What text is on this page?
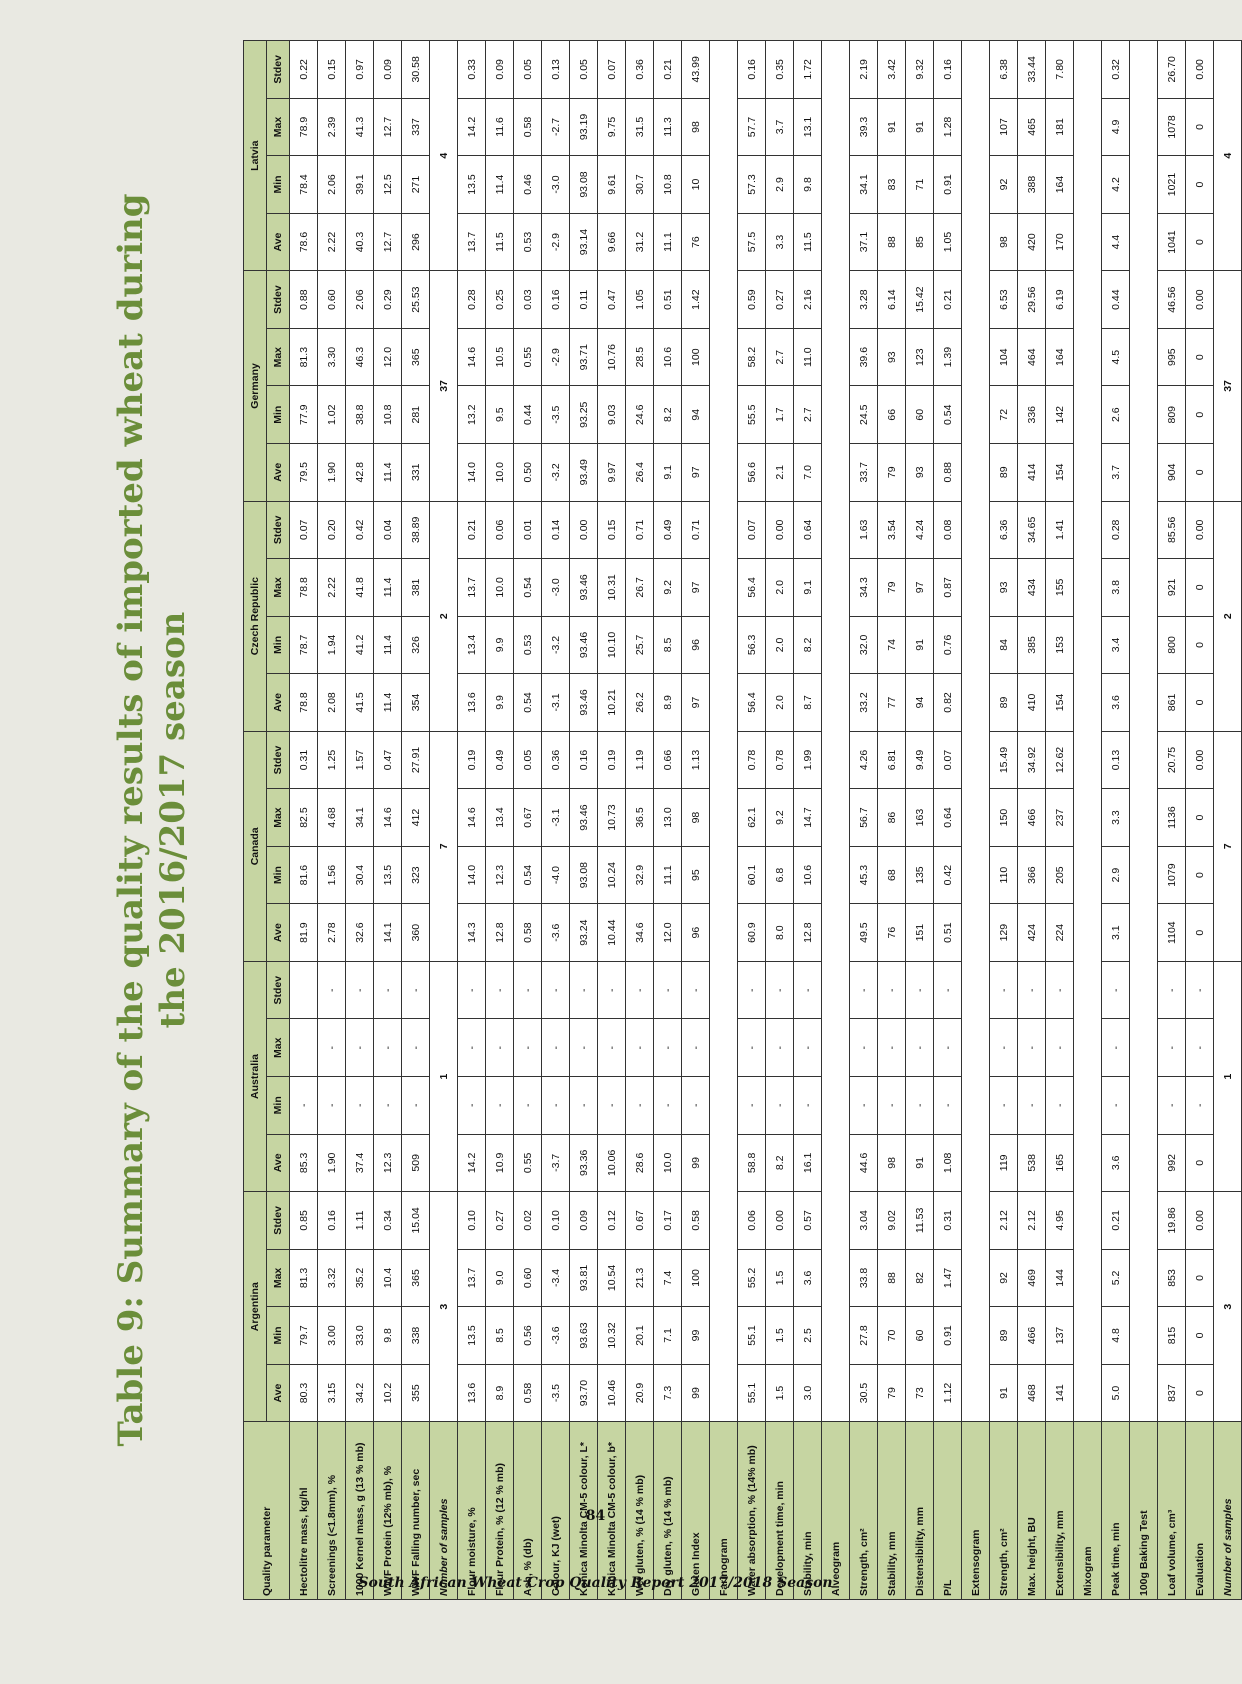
Table 9: Summary of the quality results of imported wheat during the 2016/2017 season
Quality parameter	Argentina				Australia				Canada				Czech Republic				Germany				Latvia			
	Ave	Min	Max	Stdev	Ave	Min	Max	Stdev	Ave	Min	Max	Stdev	Ave	Min	Max	Stdev	Ave	Min	Max	Stdev	Ave	Min	Max	Stdev
Hectolitre mass, kg/hl	80.3	79.7	81.3	0.85	85.3	-			81.9	81.6	82.5	0.31	78.8	78.7	78.8	0.07	79.5	77.9	81.3	0.88	78.6	78.4	78.9	0.22
Screenings (<1.8mm), %	3.15	3.00	3.32	0.16	1.90	-	-	-	2.78	1.56	4.68	1.25	2.08	1.94	2.22	0.20	1.90	1.02	3.30	0.60	2.22	2.06	2.39	0.15
1000 Kernel mass, g (13 % mb)	34.2	33.0	35.2	1.11	37.4	-	-	-	32.6	30.4	34.1	1.57	41.5	41.2	41.8	0.42	42.8	38.8	46.3	2.06	40.3	39.1	41.3	0.97
WWF Protein (12% mb), %	10.2	9.8	10.4	0.34	12.3	-	-	-	14.1	13.5	14.6	0.47	11.4	11.4	11.4	0.04	11.4	10.8	12.0	0.29	12.7	12.5	12.7	0.09
WWF Falling number, sec	355	338	365	15.04	509	-	-	-	360	323	412	27.91	354	326	381	38.89	331	281	365	25.53	296	271	337	30.58
Number of samples	3				1				7				2				37				4			
Flour moisture, %	13.6	13.5	13.7	0.10	14.2	-	-	-	14.3	14.0	14.6	0.19	13.6	13.4	13.7	0.21	14.0	13.2	14.6	0.28	13.7	13.5	14.2	0.33
Flour Protein, % (12 % mb)	8.9	8.5	9.0	0.27	10.9	-	-	-	12.8	12.3	13.4	0.49	9.9	9.9	10.0	0.06	10.0	9.5	10.5	0.25	11.5	11.4	11.6	0.09
Ash, % (db)	0.58	0.56	0.60	0.02	0.55	-	-	-	0.58	0.54	0.67	0.05	0.54	0.53	0.54	0.01	0.50	0.44	0.55	0.03	0.53	0.46	0.58	0.05
Colour, KJ (wet)	-3.5	-3.6	-3.4	0.10	-3.7	-	-	-	-3.6	-4.0	-3.1	0.36	-3.1	-3.2	-3.0	0.14	-3.2	-3.5	-2.9	0.16	-2.9	-3.0	-2.7	0.13
Konica Minolta CM-5 colour, L*	93.70	93.63	93.81	0.09	93.36	-	-	-	93.24	93.08	93.46	0.16	93.46	93.46	93.46	0.00	93.49	93.25	93.71	0.11	93.14	93.08	93.19	0.05
Konica Minolta CM-5 colour, b*	10.46	10.32	10.54	0.12	10.06	-	-	-	10.44	10.24	10.73	0.19	10.21	10.10	10.31	0.15	9.97	9.03	10.76	0.47	9.66	9.61	9.75	0.07
Wet gluten, % (14 % mb)	20.9	20.1	21.3	0.67	28.6	-	-	-	34.6	32.9	36.5	1.19	26.2	25.7	26.7	0.71	26.4	24.6	28.5	1.05	31.2	30.7	31.5	0.36
Dry gluten, % (14 % mb)	7.3	7.1	7.4	0.17	10.0	-	-	-	12.0	11.1	13.0	0.66	8.9	8.5	9.2	0.49	9.1	8.2	10.6	0.51	11.1	10.8	11.3	0.21
Gluten Index	99	99	100	0.58	99	-	-	-	96	95	98	1.13	97	96	97	0.71	97	94	100	1.42	76	10	98	43.99
Farinogram																								
Water absorption, % (14% mb)	55.1	55.1	55.2	0.06	58.8	-	-	-	60.9	60.1	62.1	0.78	56.4	56.3	56.4	0.07	56.6	55.5	58.2	0.59	57.5	57.3	57.7	0.16
Development time, min	1.5	1.5	1.5	0.00	8.2	-	-	-	8.0	6.8	9.2	0.78	2.0	2.0	2.0	0.00	2.1	1.7	2.7	0.27	3.3	2.9	3.7	0.35
Stability, min	3.0	2.5	3.6	0.57	16.1	-	-	-	12.8	10.6	14.7	1.99	8.7	8.2	9.1	0.64	7.0	2.7	11.0	2.16	11.5	9.8	13.1	1.72
Alveogram																								
Strength, cm²	30.5	27.8	33.8	3.04	44.6	-	-	-	49.5	45.3	56.7	4.26	33.2	32.0	34.3	1.63	33.7	24.5	39.6	3.28	37.1	34.1	39.3	2.19
Stability, mm	79	70	88	9.02	98	-	-	-	76	68	86	6.81	77	74	79	3.54	79	66	93	6.14	88	83	91	3.42
Distensibility, mm	73	60	82	11.53	91	-	-	-	151	135	163	9.49	94	91	97	4.24	93	60	123	15.42	85	71	91	9.32
P/L	1.12	0.91	1.47	0.31	1.08	-	-	-	0.51	0.42	0.64	0.07	0.82	0.76	0.87	0.08	0.88	0.54	1.39	0.21	1.05	0.91	1.28	0.16
Extensogram																								
Strength, cm²	91	89	92	2.12	119	-	-	-	129	110	150	15.49	89	84	93	6.36	89	72	104	6.53	98	92	107	6.38
Max. height, BU	468	466	469	2.12	538	-	-	-	424	366	466	34.92	410	385	434	34.65	414	336	464	29.56	420	388	465	33.44
Extensibility, mm	141	137	144	4.95	165	-	-	-	224	205	237	12.62	154	153	155	1.41	154	142	164	6.19	170	164	181	7.80
Mixogram																								
Peak time, min	5.0	4.8	5.2	0.21	3.6	-	-	-	3.1	2.9	3.3	0.13	3.6	3.4	3.8	0.28	3.7	2.6	4.5	0.44	4.4	4.2	4.9	0.32
100g Baking Test																								
Loaf volume, cm³	837	815	853	19.86	992	-	-	-	1104	1079	1136	20.75	861	800	921	85.56	904	809	995	46.56	1041	1021	1078	26.70
Evaluation	0	0	0	0.00	0	-	-	-	0	0	0	0.00	0	0	0	0.00	0	0	0	0.00	0	0	0	0.00
Number of samples	3				1				7				2				37				4			
84
South African Wheat Crop Quality Report 2017/2018 Season
